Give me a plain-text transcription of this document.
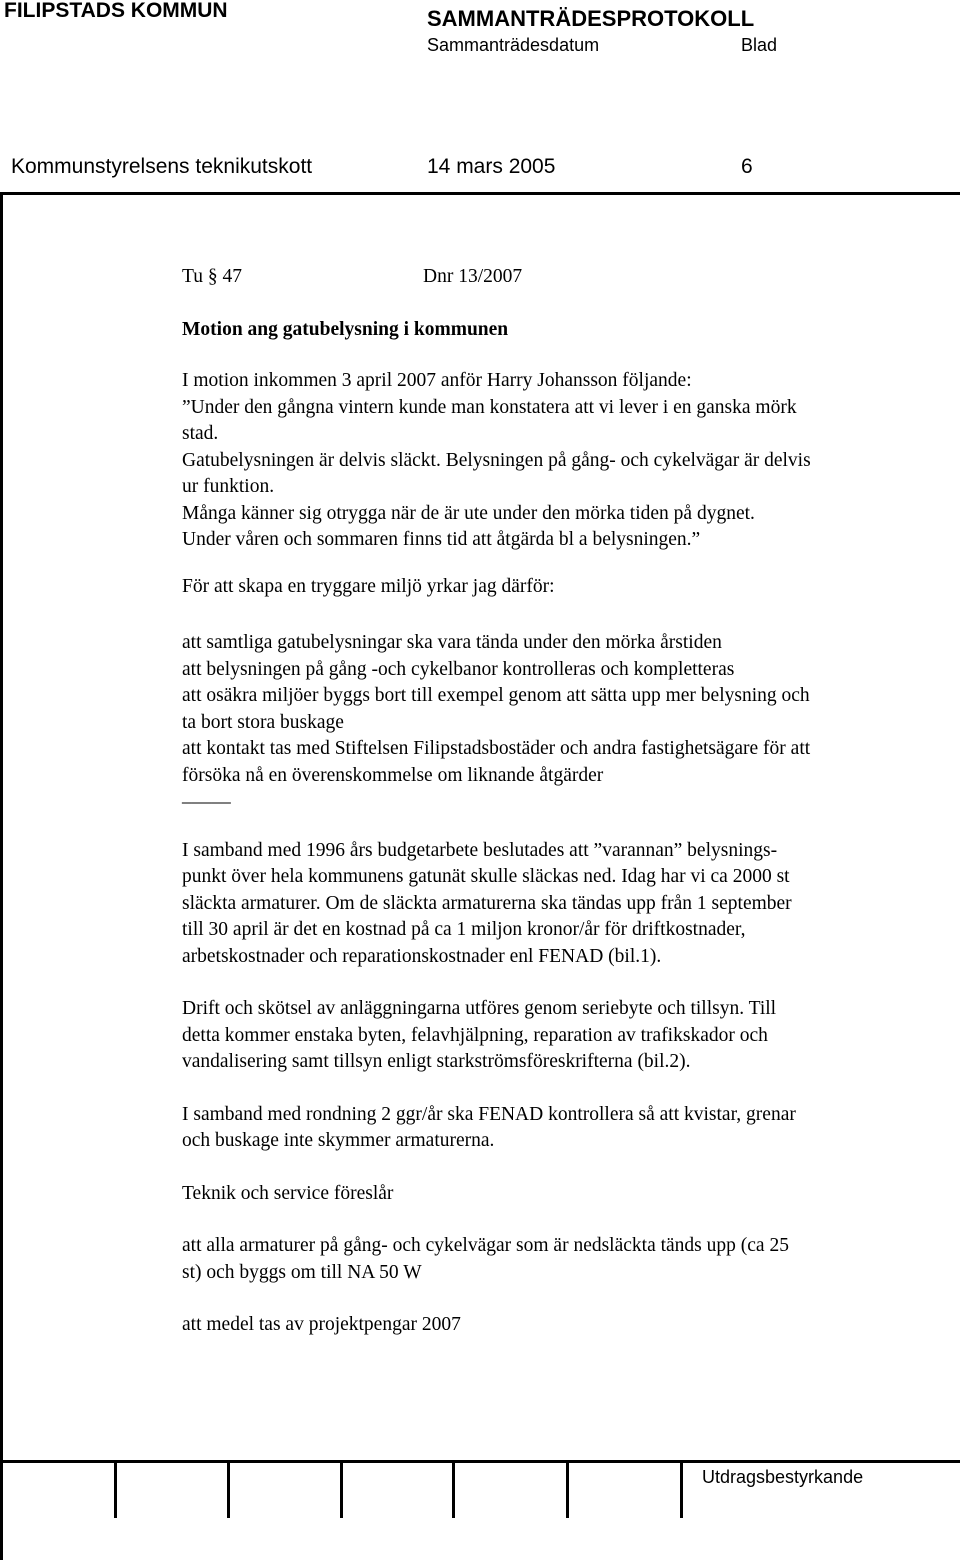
FILIPSTADS KOMMUN	SAMMANTRÄDESPROTOKOLL
Sammanträdesdatum	Blad
Kommunstyrelsens teknikutskott	14 mars 2005	6
Tu § 47	Dnr 13/2007

Motion ang gatubelysning i kommunen

I motion inkommen 3 april 2007 anför Harry Johansson följande:
”Under den gångna vintern kunde man konstatera att vi lever i en ganska mörk
stad.

Gatubelysningen är delvis släckt. Belysningen på gång- och cykelvägar är delvis
ur funktion.
Många känner sig otrygga när de är ute under den mörka tiden på dygnet.
Under våren och sommaren finns tid att åtgärda bl a belysningen.”

För att skapa en tryggare miljö yrkar jag därför:

att samtliga gatubelysningar ska vara tända under den mörka årstiden
att belysningen på gång -och cykelbanor kontrolleras och kompletteras
att osäkra miljöer byggs bort till exempel genom att sätta upp mer belysning och
ta bort stora buskage
att kontakt tas med Stiftelsen Filipstadsbostäder och andra fastighetsägare för att
försöka nå en överenskommelse om liknande åtgärder

_____

I samband med 1996 års budgetarbete beslutades att ”varannan” belysnings-
punkt över hela kommunens gatunät skulle släckas ned. Idag har vi ca 2000 st
släckta armaturer. Om de släckta armaturerna ska tändas upp från 1 september
till 30 april är det en kostnad på ca 1 miljon kronor/år för driftkostnader,
arbetskostnader och reparationskostnader enl FENAD (bil.1).

Drift och skötsel av anläggningarna utföres genom seriebyte och tillsyn. Till
detta kommer enstaka byten, felavhjälpning, reparation av trafikskador och
vandalisering samt tillsyn enligt starkströmsföreskrifterna (bil.2).

I samband med rondning 2 ggr/år ska FENAD kontrollera så att kvistar, grenar
och buskage inte skymmer armaturerna.

Teknik och service föreslår

att alla armaturer på gång- och cykelvägar som är nedsläckta tänds upp (ca 25
st) och byggs om till NA 50 W

att medel tas av projektpengar 2007

Utdragsbestyrkande
